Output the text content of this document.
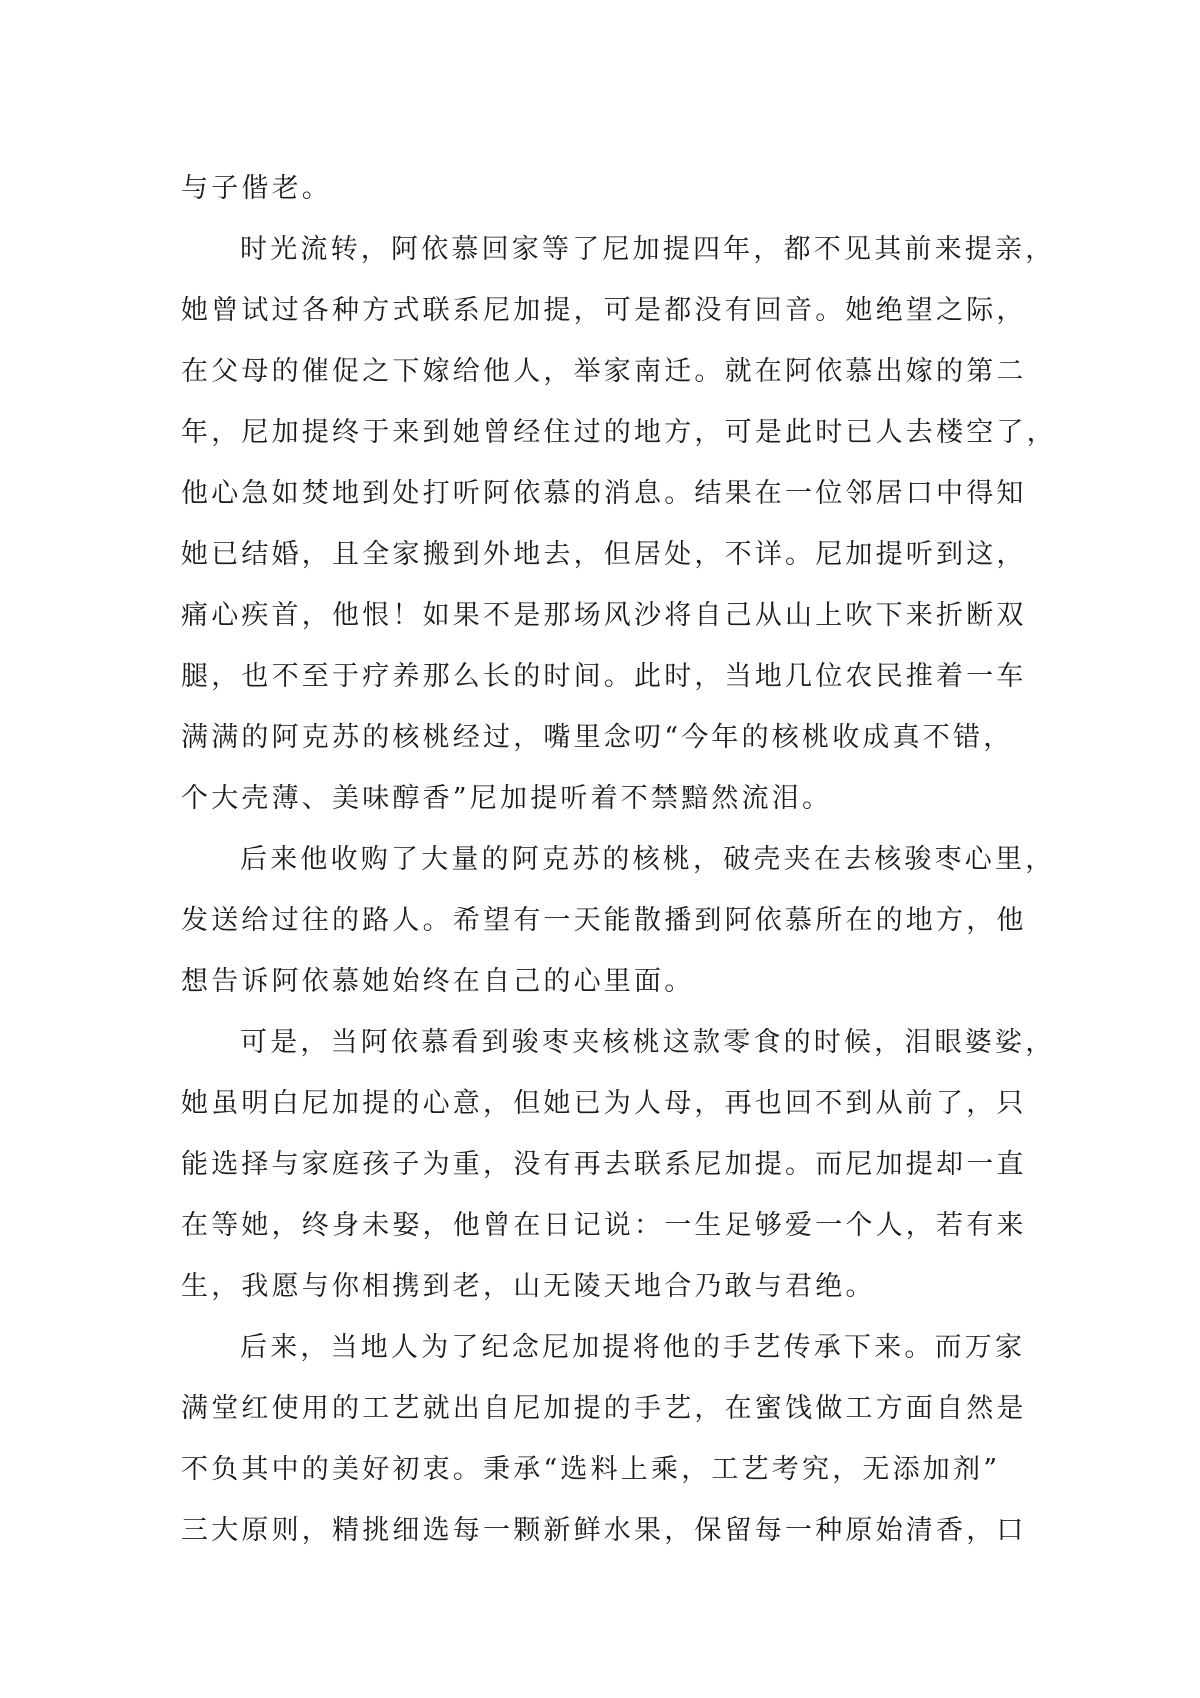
与子偕老。
时光流转，阿依慕回家等了尼加提四年，都不见其前来提亲，
她曾试过各种方式联系尼加提，可是都没有回音。她绝望之际，
在父母的催促之下嫁给他人，举家南迁。就在阿依慕出嫁的第二
年，尼加提终于来到她曾经住过的地方，可是此时已人去楼空了，
他心急如焚地到处打听阿依慕的消息。结果在一位邻居口中得知
她已结婚，且全家搬到外地去，但居处，不详。尼加提听到这，
痛心疾首，他恨！如果不是那场风沙将自己从山上吹下来折断双
腿，也不至于疗养那么长的时间。此时，当地几位农民推着一车
满满的阿克苏的核桃经过，嘴里念叨“今年的核桃收成真不错，
个大壳薄、美味醇香”尼加提听着不禁黯然流泪。
后来他收购了大量的阿克苏的核桃，破壳夹在去核骏枣心里，
发送给过往的路人。希望有一天能散播到阿依慕所在的地方，他
想告诉阿依慕她始终在自己的心里面。
可是，当阿依慕看到骏枣夹核桃这款零食的时候，泪眼婆娑，
她虽明白尼加提的心意，但她已为人母，再也回不到从前了，只
能选择与家庭孩子为重，没有再去联系尼加提。而尼加提却一直
在等她，终身未娶，他曾在日记说：一生足够爱一个人，若有来
生，我愿与你相携到老，山无陵天地合乃敢与君绝。
后来，当地人为了纪念尼加提将他的手艺传承下来。而万家
满堂红使用的工艺就出自尼加提的手艺，在蜜饯做工方面自然是
不负其中的美好初衷。秉承“选料上乘，工艺考究，无添加剂”
三大原则，精挑细选每一颗新鲜水果，保留每一种原始清香，口
